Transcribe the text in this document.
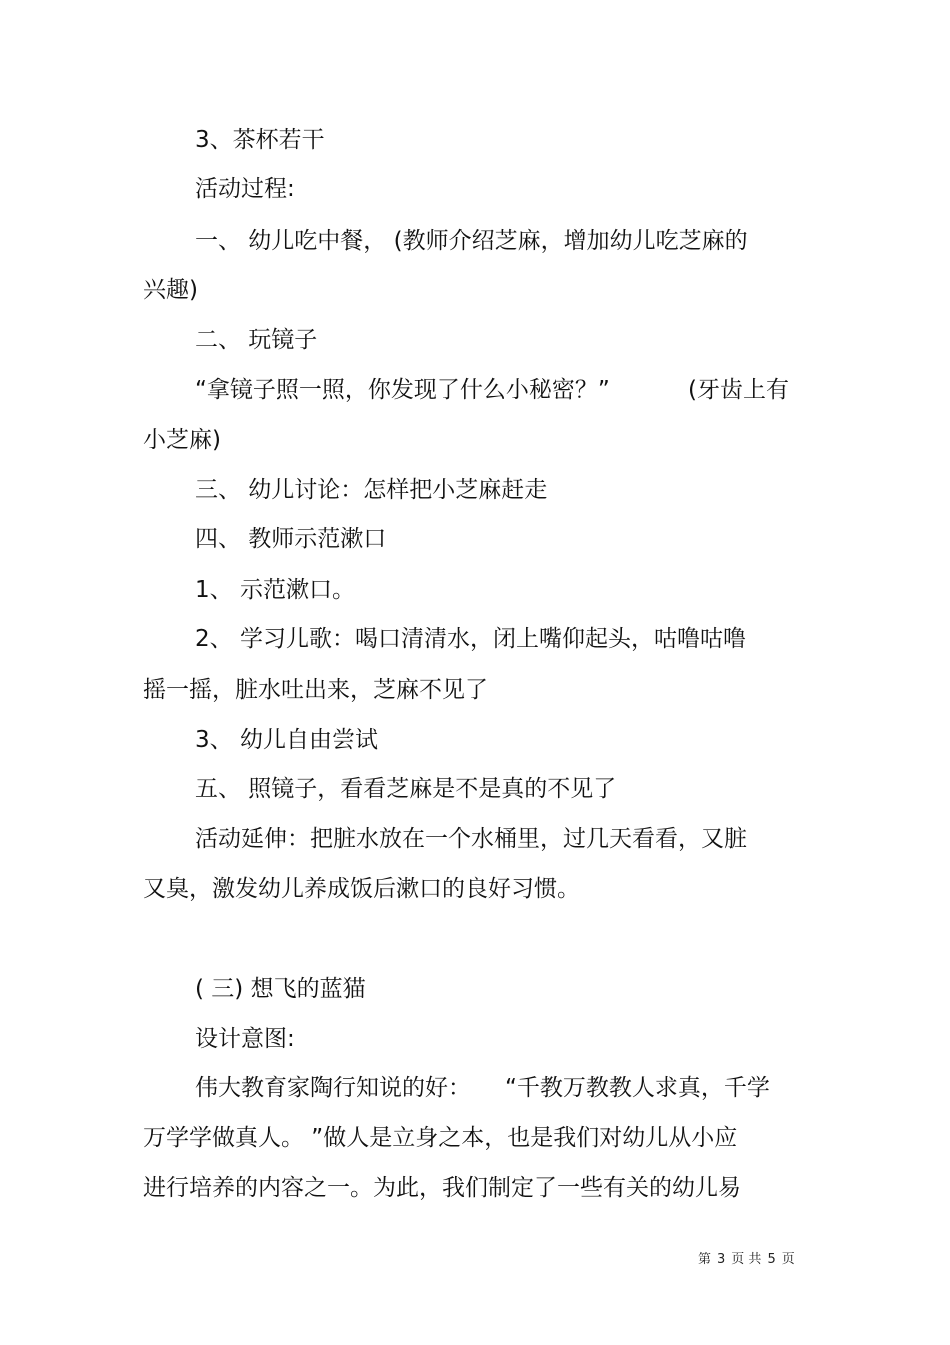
3、茶杯若干
活动过程:
一、 幼儿吃中餐， (教师介绍芝麻，增加幼儿吃芝麻的
兴趣)
二、 玩镜子
“拿镜子照一照，你发现了什么小秘密？”	(牙齿上有
小芝麻)
三、 幼儿讨论：怎样把小芝麻赶走
四、 教师示范漱口
1、 示范漱口。
2、 学习儿歌：喝口清清水，闭上嘴仰起头，咕噜咕噜
摇一摇，脏水吐出来，芝麻不见了
3、 幼儿自由尝试
五、 照镜子，看看芝麻是不是真的不见了
活动延伸：把脏水放在一个水桶里，过几天看看，又脏
又臭，激发幼儿养成饭后漱口的良好习惯。
( 三) 想飞的蓝猫
设计意图:
伟大教育家陶行知说的好： “千教万教教人求真，千学
万学学做真人。 ”做人是立身之本，也是我们对幼儿从小应
进行培养的内容之一。为此，我们制定了一些有关的幼儿易
第 3 页 共 5 页
